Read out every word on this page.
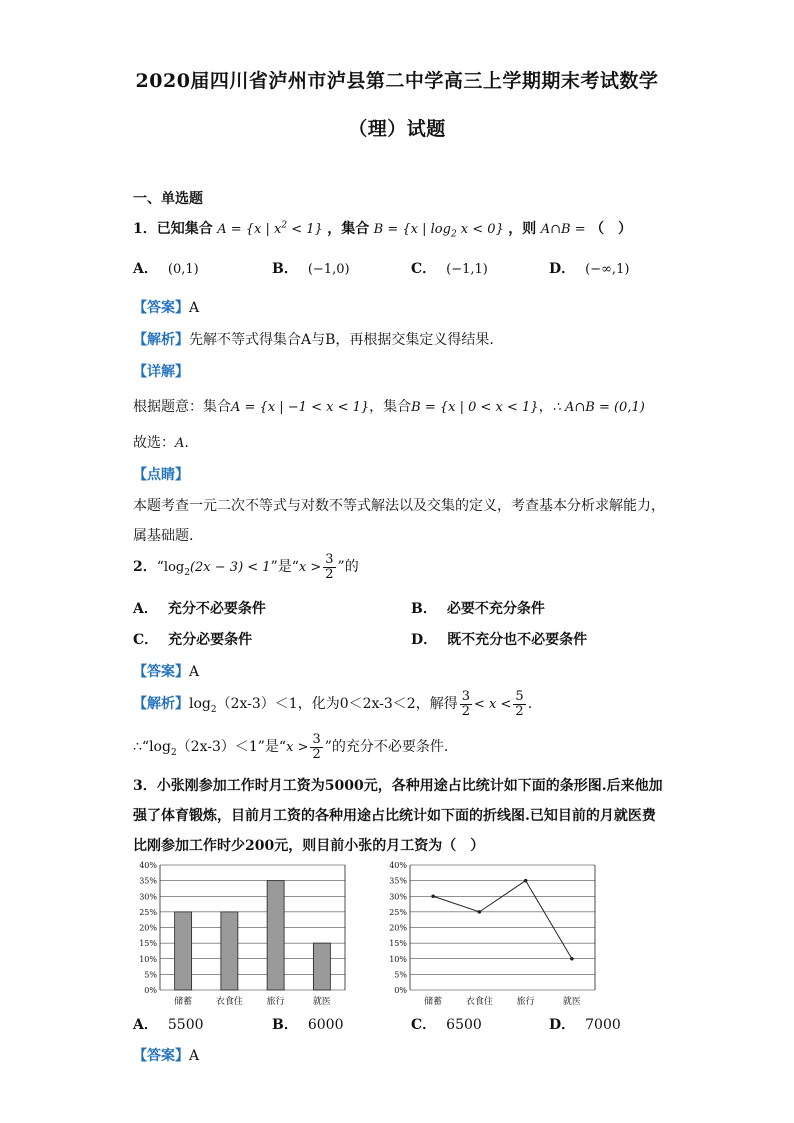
2020届四川省泸州市泸县第二中学高三上学期期末考试数学
（理）试题
一、单选题
1．已知集合 A = {x | $x^2 < 1$} ，集合 B = {x | $\log_2 x < 0$} ，则 A∩B = （　）
A． (0,1)	B． (−1,0)	C． (−1,1)	D． (−∞,1)
【答案】A
【解析】先解不等式得集合A与B，再根据交集定义得结果.
【详解】
根据题意：集合A = {x | −1 < x < 1}，集合B = {x | 0 < x < 1}，∴ A∩B = (0,1)
故选：A.
【点睛】
本题考查一元二次不等式与对数不等式解法以及交集的定义，考查基本分析求解能力，
属基础题.
2．“$\log_2(2x - 3) < 1$”是“$x > \frac{3}{2}$ ”的
A． 充分不必要条件	B． 必要不充分条件
C． 充分必要条件	D． 既不充分也不必要条件
【答案】A
【解析】$\log_2(2x-3)<1$，化为0＜2x-3＜2，解得 $\frac{3}{2} < x < \frac{5}{2}$ .
$\therefore“\log_2(2x-3)<1$”是“$x > \frac{3}{2}$ ”的充分不必要条件.
3．小张刚参加工作时月工资为5000元，各种用途占比统计如下面的条形图.后来他加
强了体育锻炼，目前月工资的各种用途占比统计如下面的折线图.已知目前的月就医费
比刚参加工作时少200元，则目前小张的月工资为（　）
0%
5%
10%
15%
20%
25%
30%
35%
40%
储蓄	衣食住	旅行	就医
0%
5%
10%
15%
20%
25%
30%
35%
40%
储蓄	衣食住	旅行	就医
A． 5500	B． 6000	C． 6500	D． 7000
【答案】A
